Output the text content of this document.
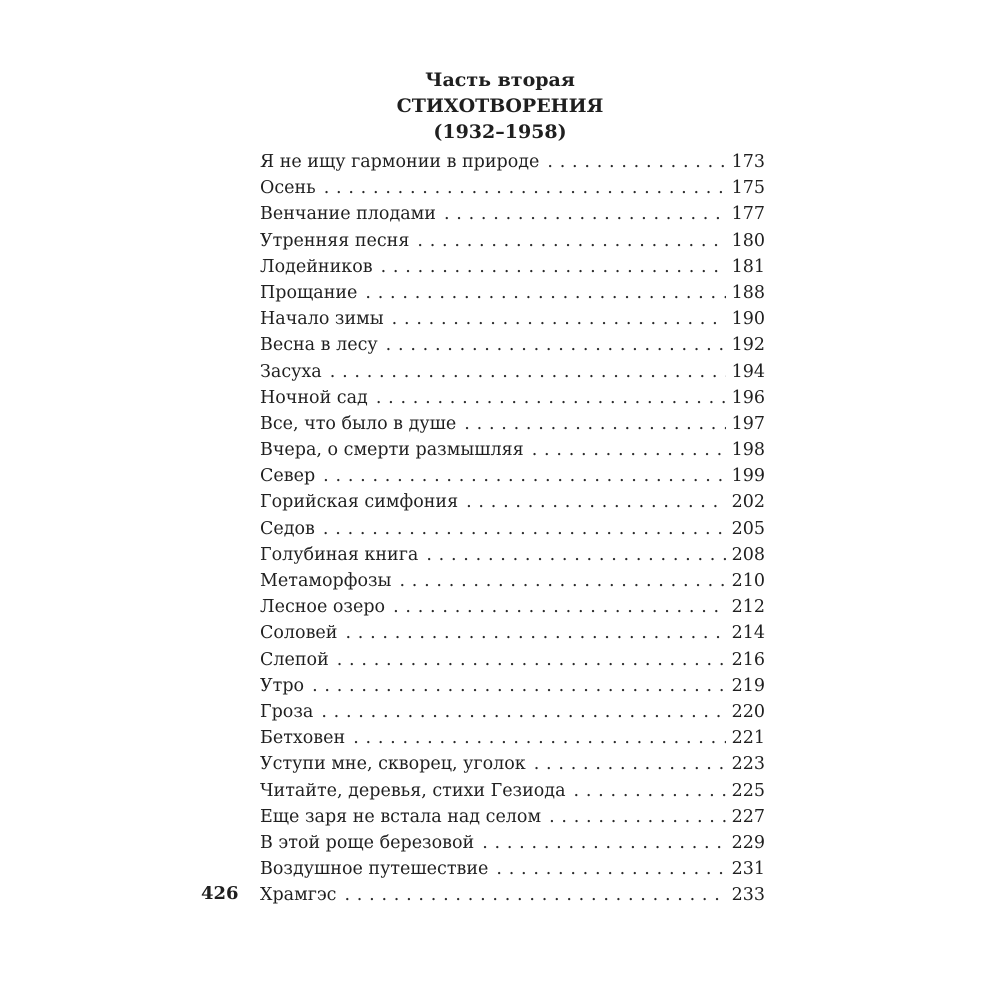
Часть вторая
СТИХОТВОРЕНИЯ
(1932–1958)
Я не ищу гармонии в природе . . .	173
Осень . . .	175
Венчание плодами . . .	177
Утренняя песня . . .	180
Лодейников . . .	181
Прощание . . .	188
Начало зимы . . .	190
Весна в лесу . . .	192
Засуха . . .	194
Ночной сад . . .	196
Все, что было в душе . . .	197
Вчера, о смерти размышляя . . .	198
Север . . .	199
Горийская симфония . . .	202
Седов . . .	205
Голубиная книга . . .	208
Метаморфозы . . .	210
Лесное озеро . . .	212
Соловей . . .	214
Слепой . . .	216
Утро . . .	219
Гроза . . .	220
Бетховен . . .	221
Уступи мне, скворец, уголок . . .	223
Читайте, деревья, стихи Гезиода . . .	225
Еще заря не встала над селом . . .	227
В этой роще березовой . . .	229
Воздушное путешествие . . .	231
Храмгэс . . .	233
426
